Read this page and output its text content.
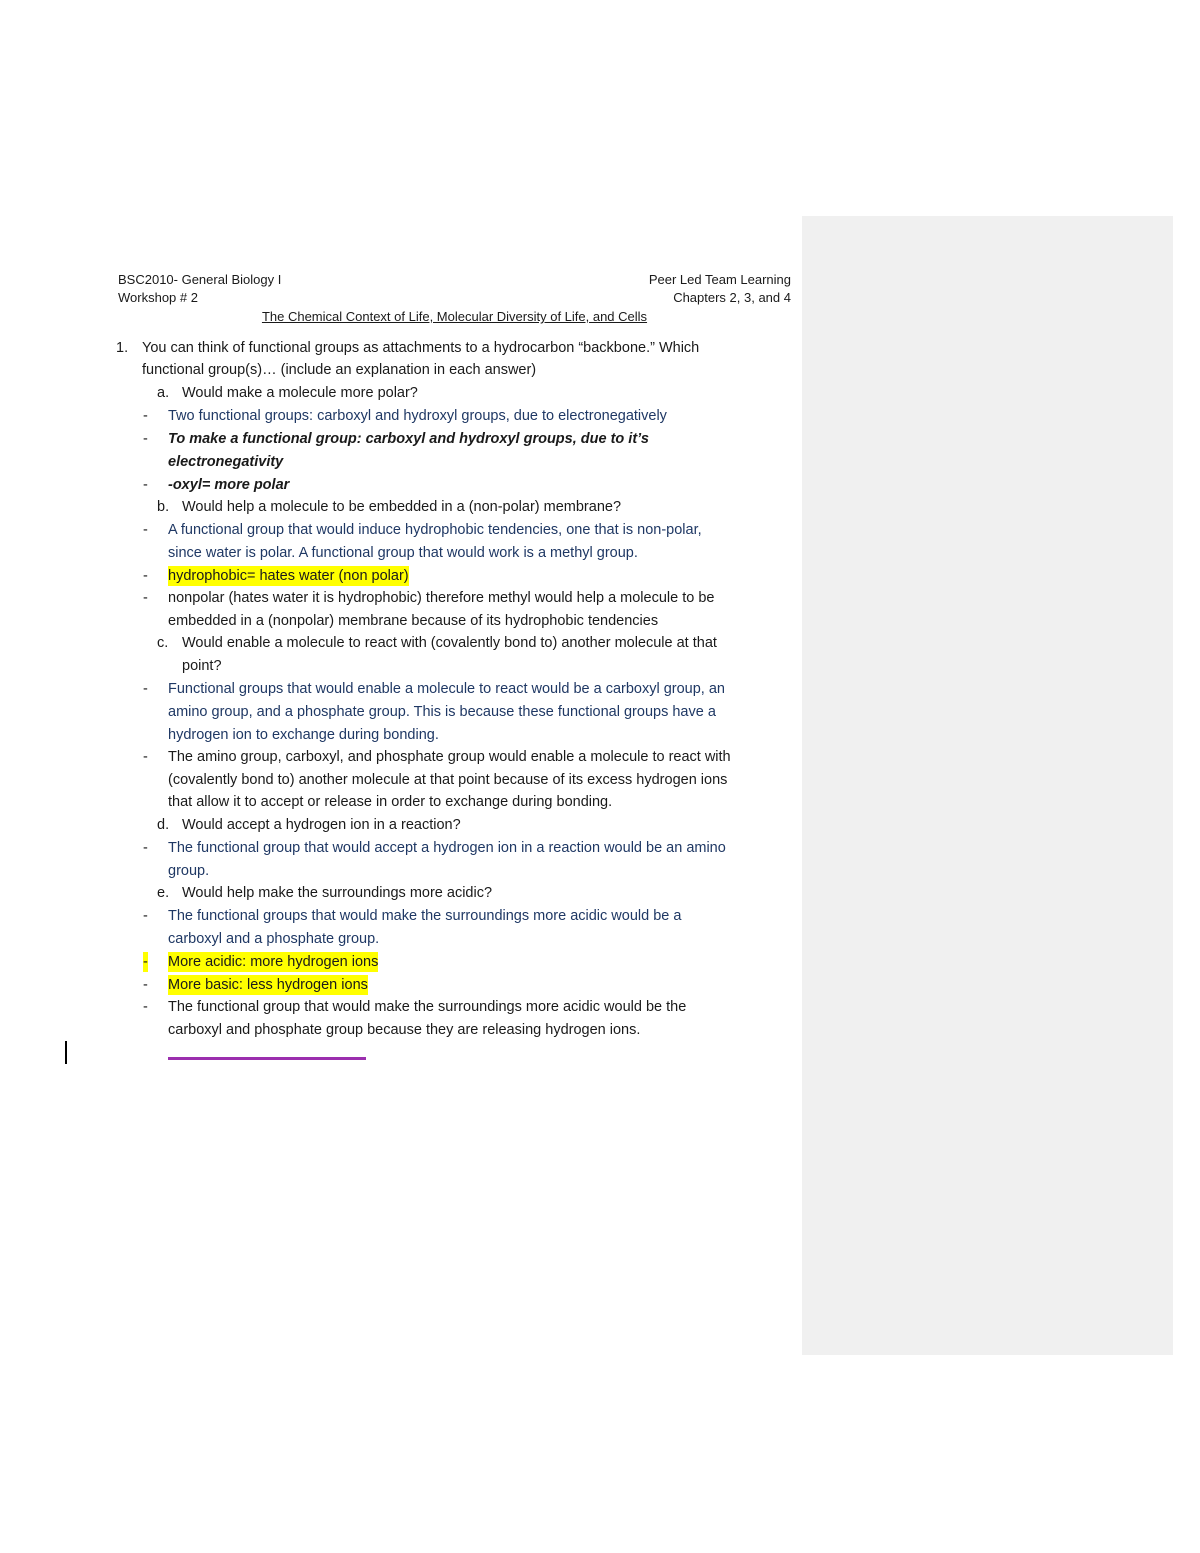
BSC2010- General Biology I	Peer Led Team Learning
Workshop # 2	Chapters 2, 3, and 4
The Chemical Context of Life, Molecular Diversity of Life, and Cells
1. You can think of functional groups as attachments to a hydrocarbon “backbone.” Which
functional group(s)… (include an explanation in each answer)
a. Would make a molecule more polar?
- Two functional groups: carboxyl and hydroxyl groups, due to electronegatively
- To make a functional group: carboxyl and hydroxyl groups, due to it’s
electronegativity
- -oxyl= more polar
b. Would help a molecule to be embedded in a (non-polar) membrane?
- A functional group that would induce hydrophobic tendencies, one that is non-polar,
since water is polar. A functional group that would work is a methyl group.
- hydrophobic= hates water (non polar)
- nonpolar (hates water it is hydrophobic) therefore methyl would help a molecule to be
embedded in a (nonpolar) membrane because of its hydrophobic tendencies
c. Would enable a molecule to react with (covalently bond to) another molecule at that
point?
- Functional groups that would enable a molecule to react would be a carboxyl group, an
amino group, and a phosphate group. This is because these functional groups have a
hydrogen ion to exchange during bonding.
- The amino group, carboxyl, and phosphate group would enable a molecule to react with
(covalently bond to) another molecule at that point because of its excess hydrogen ions
that allow it to accept or release in order to exchange during bonding.
d. Would accept a hydrogen ion in a reaction?
- The functional group that would accept a hydrogen ion in a reaction would be an amino
group.
e. Would help make the surroundings more acidic?
- The functional groups that would make the surroundings more acidic would be a
carboxyl and a phosphate group.
- More acidic: more hydrogen ions
- More basic: less hydrogen ions
- The functional group that would make the surroundings more acidic would be the
carboxyl and phosphate group because they are releasing hydrogen ions.
